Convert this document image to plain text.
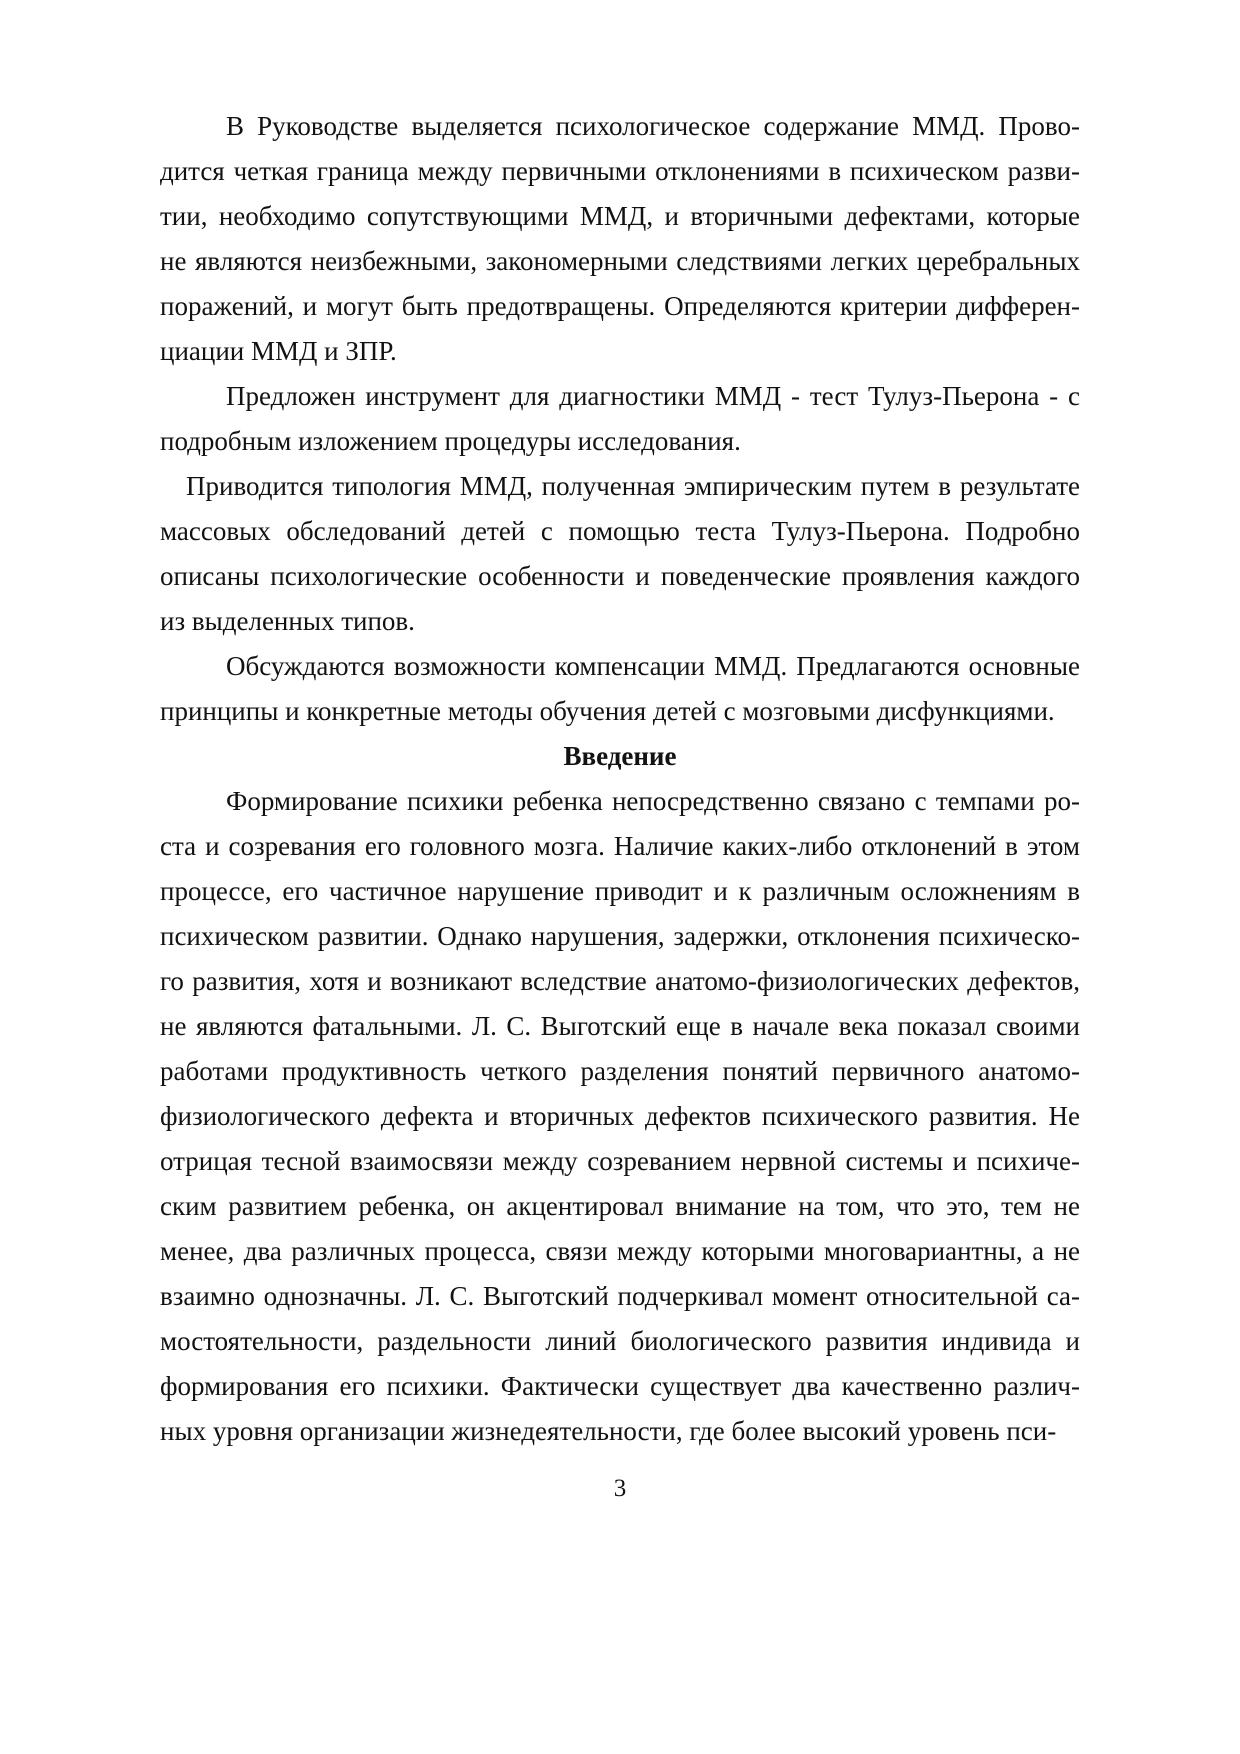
В Руководстве выделяется психологическое содержание ММД. Прово-
дится четкая граница между первичными отклонениями в психическом разви-
тии, необходимо сопутствующими ММД, и вторичными дефектами, которые
не являются неизбежными, закономерными следствиями легких церебральных
поражений, и могут быть предотвращены. Определяются критерии дифферен-
циации ММД и ЗПР.
Предложен инструмент для диагностики ММД - тест Тулуз-Пьерона - с
подробным изложением процедуры исследования.
Приводится типология ММД, полученная эмпирическим путем в результате
массовых обследований детей с помощью теста Тулуз-Пьерона. Подробно
описаны психологические особенности и поведенческие проявления каждого
из выделенных типов.
Обсуждаются возможности компенсации ММД. Предлагаются основные
принципы и конкретные методы обучения детей с мозговыми дисфункциями.
Введение
Формирование психики ребенка непосредственно связано с темпами ро-
ста и созревания его головного мозга. Наличие каких-либо отклонений в этом
процессе, его частичное нарушение приводит и к различным осложнениям в
психическом развитии. Однако нарушения, задержки, отклонения психическо-
го развития, хотя и возникают вследствие анатомо-физиологических дефектов,
не являются фатальными. Л. С. Выготский еще в начале века показал своими
работами продуктивность четкого разделения понятий первичного анатомо-
физиологического дефекта и вторичных дефектов психического развития. Не
отрицая тесной взаимосвязи между созреванием нервной системы и психиче-
ским развитием ребенка, он акцентировал внимание на том, что это, тем не
менее, два различных процесса, связи между которыми многовариантны, а не
взаимно однозначны. Л. С. Выготский подчеркивал момент относительной са-
мостоятельности, раздельности линий биологического развития индивида и
формирования его психики. Фактически существует два качественно различ-
ных уровня организации жизнедеятельности, где более высокий уровень пси-
3
